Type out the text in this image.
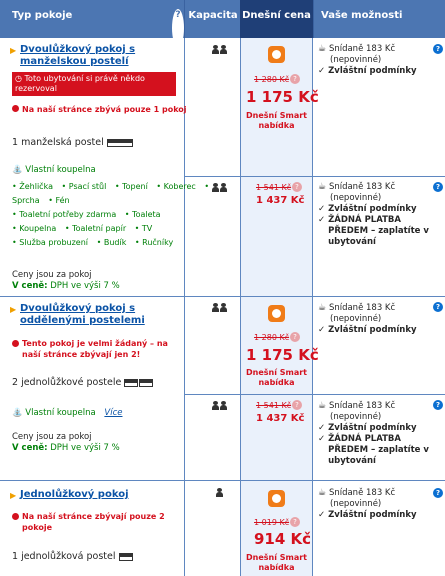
Typ pokoje	? Kapacita Dnešní cena	Vaše možnosti
▶ Dvoulůžkový pokoj s manželskou postelí
◷ Toto ubytování si právě někdo rezervoval
Na naší stránce zbývá pouze 1 pokoj
1 manželská postel
⛲ Vlastní koupelna
• Žehlička • Psací stůl • Topení • Koberec • Sprcha • Fén
• Toaletní potřeby zdarma • Toaleta
• Koupelna • Toaletní papír • TV
• Služba probuzení • Budík • Ručníky
Ceny jsou za pokoj
V ceně: DPH ve výši 7 %
1 280 Kč ?
1 175 Kč
Dnešní Smart nabídka
☕ Snídaně 183 Kč
(nepovinné)
✓ Zvláštní podmínky
?
1 541 Kč ?
1 437 Kč
☕ Snídaně 183 Kč
(nepovinné)
✓ Zvláštní podmínky
✓ ŽÁDNÁ PLATBA PŘEDEM – zaplatíte v ubytování
?
▶ Dvoulůžkový pokoj s oddělenými postelemi
Tento pokoj je velmi žádaný – na naší stránce zbývají jen 2!
2 jednolůžkové postele
⛲ Vlastní koupelna Více
Ceny jsou za pokoj
V ceně: DPH ve výši 7 %
1 280 Kč ?
1 175 Kč
Dnešní Smart nabídka
☕ Snídaně 183 Kč
(nepovinné)
✓ Zvláštní podmínky
?
1 541 Kč ?
1 437 Kč
☕ Snídaně 183 Kč
(nepovinné)
✓ Zvláštní podmínky
✓ ŽÁDNÁ PLATBA PŘEDEM – zaplatíte v ubytování
?
▶ Jednolůžkový pokoj
Na naší stránce zbývají pouze 2 pokoje
1 jednolůžková postel
1 019 Kč ?
914 Kč
Dnešní Smart nabídka
☕ Snídaně 183 Kč
(nepovinné)
✓ Zvláštní podmínky
?
